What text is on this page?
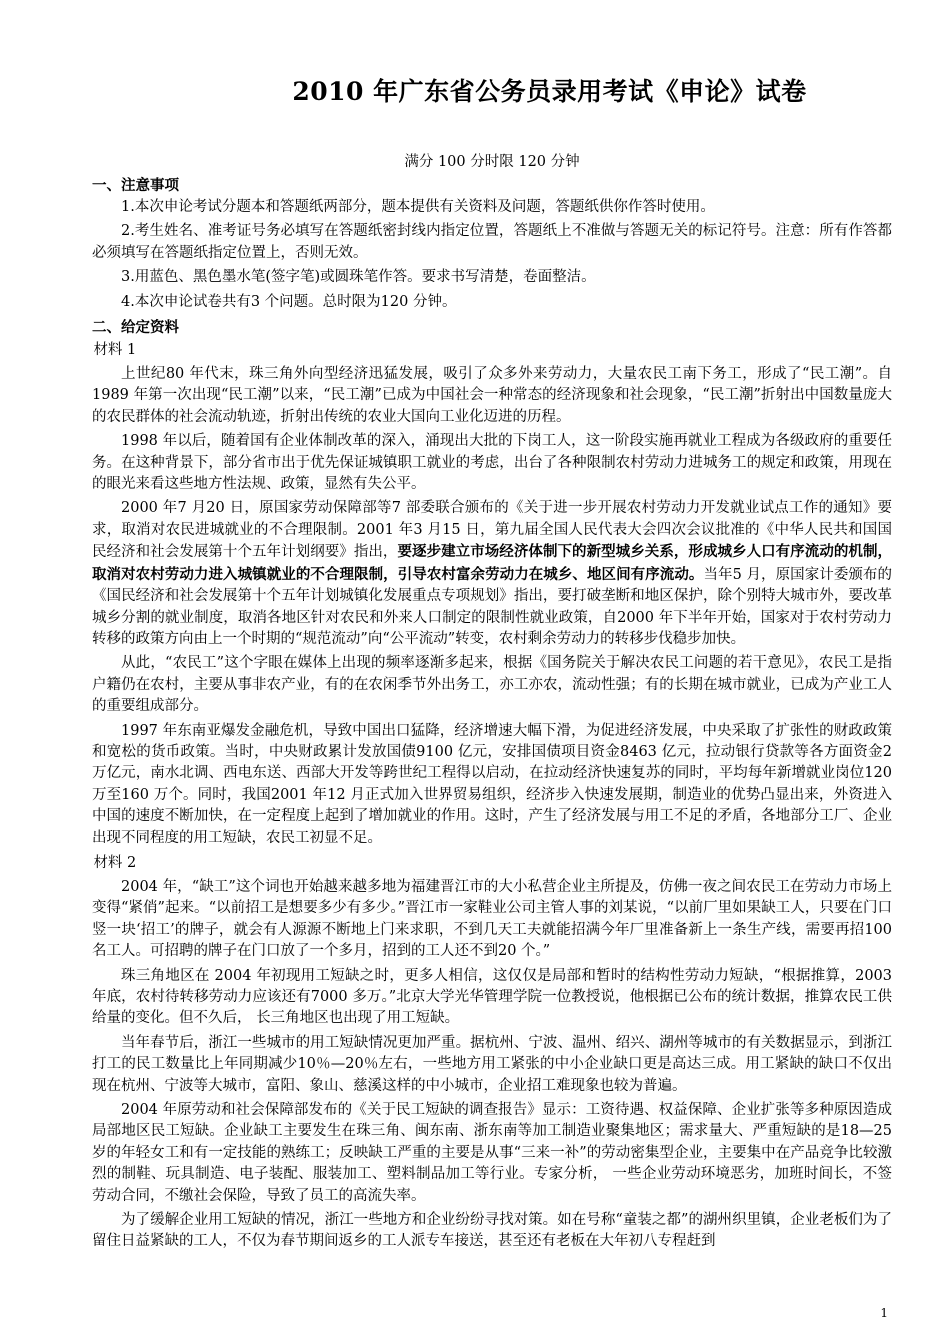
2010 年广东省公务员录用考试《申论》试卷
满分 100 分时限 120 分钟
一、注意事项

1.本次申论考试分题本和答题纸两部分，题本提供有关资料及问题，答题纸供你作答时使用。

2.考生姓名、准考证号务必填写在答题纸密封线内指定位置，答题纸上不准做与答题无关的标记符号。注意：所有作答都必须填写在答题纸指定位置上，否则无效。

3.用蓝色、黑色墨水笔(签字笔)或圆珠笔作答。要求书写清楚，卷面整洁。

4.本次申论试卷共有3 个问题。总时限为120 分钟。

二、给定资料
材料 1

上世纪80 年代末，珠三角外向型经济迅猛发展，吸引了众多外来劳动力，大量农民工南下务工，形成了“民工潮”。自1989 年第一次出现“民工潮”以来，“民工潮”已成为中国社会一种常态的经济现象和社会现象，“民工潮”折射出中国数量庞大的农民群体的社会流动轨迹，折射出传统的农业大国向工业化迈进的历程。

1998 年以后，随着国有企业体制改革的深入，涌现出大批的下岗工人，这一阶段实施再就业工程成为各级政府的重要任务。在这种背景下，部分省市出于优先保证城镇职工就业的考虑，出台了各种限制农村劳动力进城务工的规定和政策，用现在的眼光来看这些地方性法规、政策，显然有失公平。

2000 年7 月20 日，原国家劳动保障部等7 部委联合颁布的《关于进一步开展农村劳动力开发就业试点工作的通知》要求，取消对农民进城就业的不合理限制。2001 年3 月15 日，第九届全国人民代表大会四次会议批准的《中华人民共和国国民经济和社会发展第十个五年计划纲要》指出，要逐步建立市场经济体制下的新型城乡关系，形成城乡人口有序流动的机制，取消对农村劳动力进入城镇就业的不合理限制，引导农村富余劳动力在城乡、地区间有序流动。当年5 月，原国家计委颁布的《国民经济和社会发展第十个五年计划城镇化发展重点专项规划》指出，要打破垄断和地区保护，除个别特大城市外，要改革城乡分割的就业制度，取消各地区针对农民和外来人口制定的限制性就业政策，自2000 年下半年开始，国家对于农村劳动力转移的政策方向由上一个时期的“规范流动”向“公平流动”转变，农村剩余劳动力的转移步伐稳步加快。

从此，“农民工”这个字眼在媒体上出现的频率逐渐多起来，根据《国务院关于解决农民工问题的若干意见》，农民工是指户籍仍在农村，主要从事非农产业，有的在农闲季节外出务工，亦工亦农，流动性强；有的长期在城市就业，已成为产业工人的重要组成部分。

1997 年东南亚爆发金融危机，导致中国出口猛降，经济增速大幅下滑，为促进经济发展，中央采取了扩张性的财政政策和宽松的货币政策。当时，中央财政累计发放国债9100 亿元，安排国债项目资金8463 亿元，拉动银行贷款等各方面资金2 万亿元，南水北调、西电东送、西部大开发等跨世纪工程得以启动，在拉动经济快速复苏的同时，平均每年新增就业岗位120 万至160 万个。同时，我国2001 年12 月正式加入世界贸易组织，经济步入快速发展期，制造业的优势凸显出来，外资进入中国的速度不断加快，在一定程度上起到了增加就业的作用。这时，产生了经济发展与用工不足的矛盾，各地部分工厂、企业出现不同程度的用工短缺，农民工初显不足。

材料 2

2004 年，“缺工”这个词也开始越来越多地为福建晋江市的大小私营企业主所提及，仿佛一夜之间农民工在劳动力市场上变得“紧俏”起来。“以前招工是想要多少有多少。”晋江市一家鞋业公司主管人事的刘某说，“以前厂里如果缺工人，只要在门口竖一块‘招工’的牌子，就会有人源源不断地上门来求职，不到几天工夫就能招满今年厂里准备新上一条生产线，需要再招100 名工人。可招聘的牌子在门口放了一个多月，招到的工人还不到20 个。”

珠三角地区在 2004 年初现用工短缺之时，更多人相信，这仅仅是局部和暂时的结构性劳动力短缺，“根据推算，2003 年底，农村待转移劳动力应该还有7000 多万。”北京大学光华管理学院一位教授说，他根据已公布的统计数据，推算农民工供给量的变化。但不久后， 长三角地区也出现了用工短缺。

当年春节后，浙江一些城市的用工短缺情况更加严重。据杭州、宁波、温州、绍兴、湖州等城市的有关数据显示，到浙江打工的民工数量比上年同期减少10％—20％左右，一些地方用工紧张的中小企业缺口更是高达三成。用工紧缺的缺口不仅出现在杭州、宁波等大城市，富阳、象山、慈溪这样的中小城市，企业招工难现象也较为普遍。

2004 年原劳动和社会保障部发布的《关于民工短缺的调查报告》显示：工资待遇、权益保障、企业扩张等多种原因造成局部地区民工短缺。企业缺工主要发生在珠三角、闽东南、浙东南等加工制造业聚集地区；需求量大、严重短缺的是18—25 岁的年轻女工和有一定技能的熟练工；反映缺工严重的主要是从事“三来一补”的劳动密集型企业，主要集中在产品竞争比较激烈的制鞋、玩具制造、电子装配、服装加工、塑料制品加工等行业。专家分析， 一些企业劳动环境恶劣，加班时间长，不签劳动合同，不缴社会保险，导致了员工的高流失率。

为了缓解企业用工短缺的情况，浙江一些地方和企业纷纷寻找对策。如在号称“童装之都”的湖州织里镇，企业老板们为了留住日益紧缺的工人，不仅为春节期间返乡的工人派专车接送，甚至还有老板在大年初八专程赶到

1
